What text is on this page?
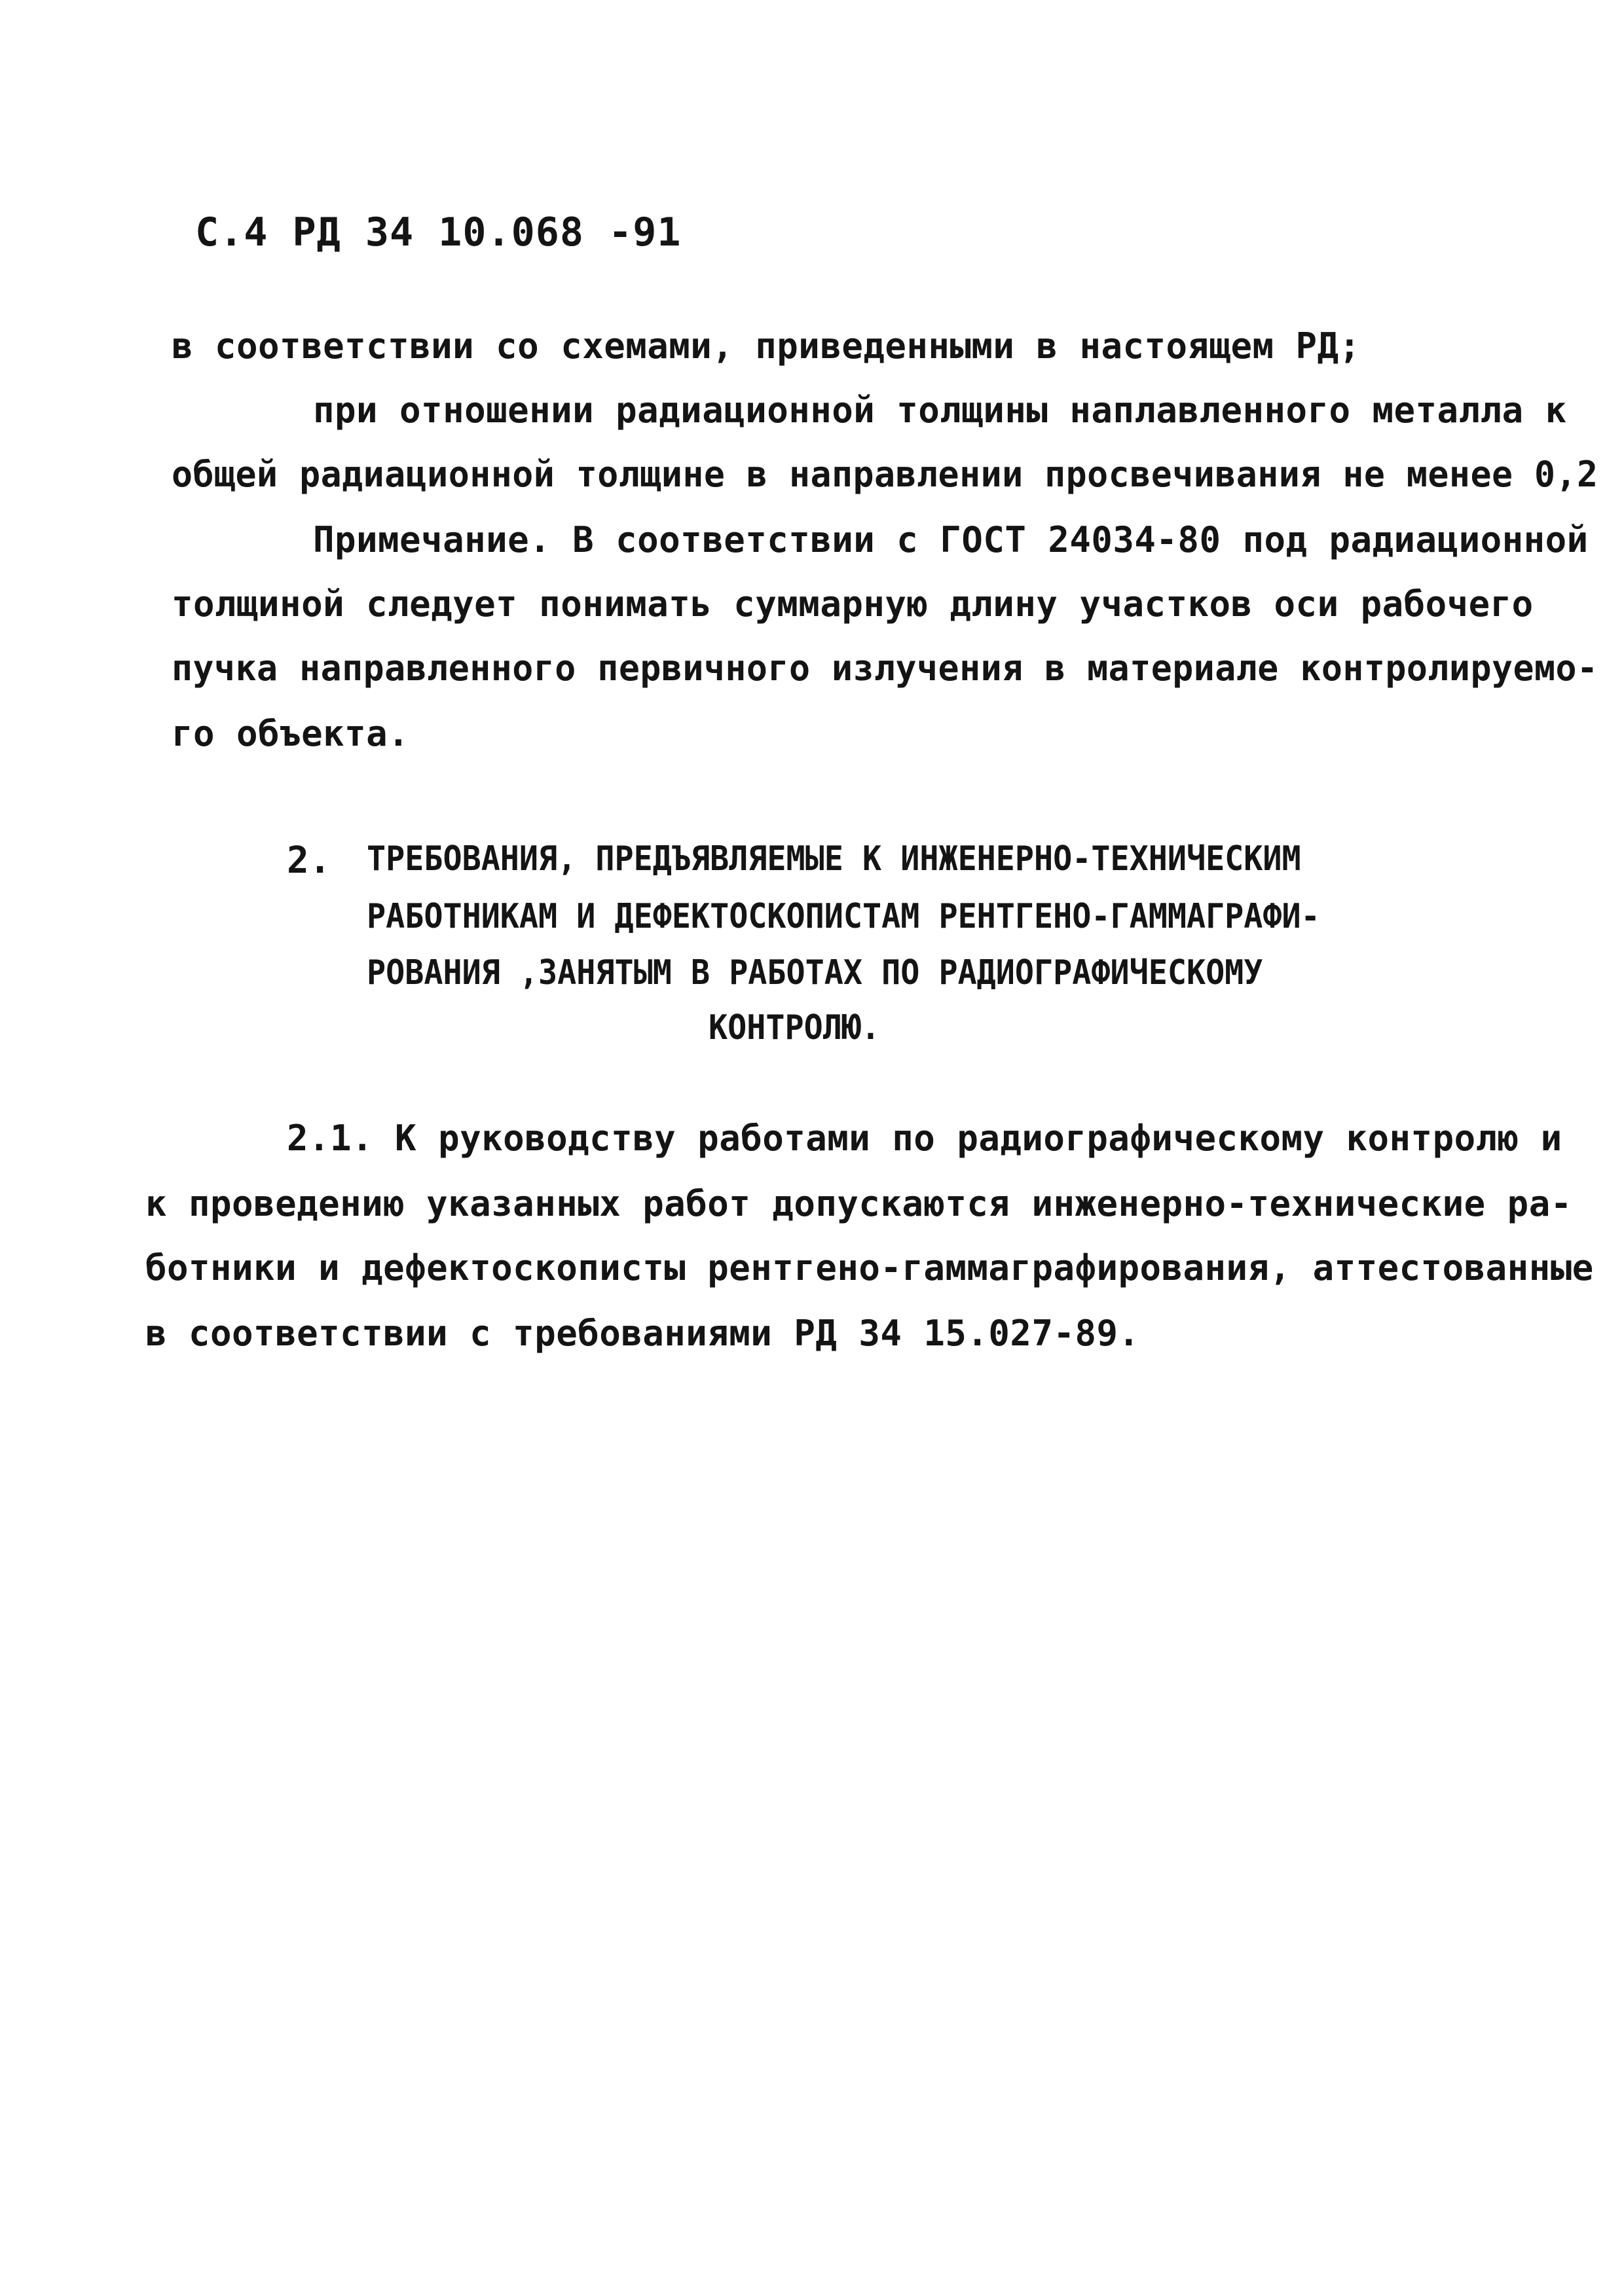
С.4 РД 34 10.068 -91
в соответствии со схемами, приведенными в настоящем РД;
при отношении радиационной толщины наплавленного металла к
общей радиационной толщине в направлении просвечивания не менее 0,2
Примечание. В соответствии с ГОСТ 24034-80 под радиационной
толщиной следует понимать суммарную длину участков оси рабочего
пучка направленного первичного излучения в материале контролируемо-
го объекта.
2. ТРЕБОВАНИЯ, ПРЕДЪЯВЛЯЕМЫЕ К ИНЖЕНЕРНО-ТЕХНИЧЕСКИМ
РАБОТНИКАМ И ДЕФЕКТОСКОПИСТАМ РЕНТГЕНО-ГАММАГРАФИ-
РОВАНИЯ ,ЗАНЯТЫМ В РАБОТАХ ПО РАДИОГРАФИЧЕСКОМУ
КОНТРОЛЮ.
2.1. К руководству работами по радиографическому контролю и
к проведению указанных работ допускаются инженерно-технические ра-
ботники и дефектоскописты рентгено-гаммаграфирования, аттестованные
в соответствии с требованиями РД 34 15.027-89.
